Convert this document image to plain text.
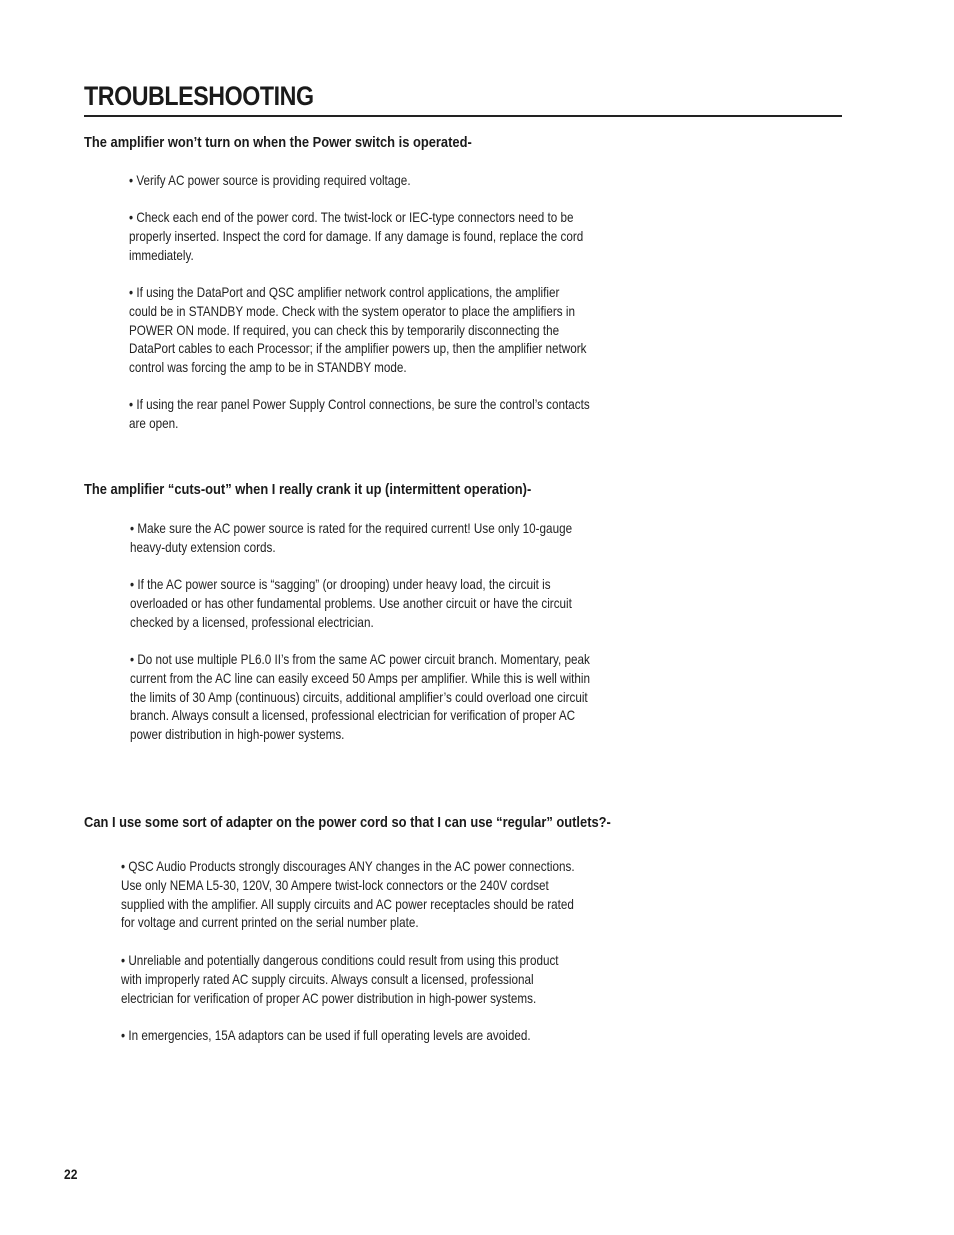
TROUBLESHOOTING
The amplifier won’t turn on when the Power switch is operated-

• Verify AC power source is providing required voltage.

• Check each end of the power cord. The twist-lock or IEC-type connectors need to be
properly inserted. Inspect the cord for damage. If any damage is found, replace the cord
immediately.

• If using the DataPort and QSC amplifier network control applications, the amplifier
could be in STANDBY mode. Check with the system operator to place the amplifiers in
POWER ON mode. If required, you can check this by temporarily disconnecting the
DataPort cables to each Processor; if the amplifier powers up, then the amplifier network
control was forcing the amp to be in STANDBY mode.

• If using the rear panel Power Supply Control connections, be sure the control’s contacts
are open.

The amplifier “cuts-out” when I really crank it up (intermittent operation)-

• Make sure the AC power source is rated for the required current! Use only 10-gauge
heavy-duty extension cords.

• If the AC power source is “sagging” (or drooping) under heavy load, the circuit is
overloaded or has other fundamental problems. Use another circuit or have the circuit
checked by a licensed, professional electrician.

• Do not use multiple PL6.0 II’s from the same AC power circuit branch. Momentary, peak
current from the AC line can easily exceed 50 Amps per amplifier. While this is well within
the limits of 30 Amp (continuous) circuits, additional amplifier’s could overload one circuit
branch. Always consult a licensed, professional electrician for verification of proper AC
power distribution in high-power systems.

Can I use some sort of adapter on the power cord so that I can use “regular” outlets?-

• QSC Audio Products strongly discourages ANY changes in the AC power connections.
Use only NEMA L5-30, 120V, 30 Ampere twist-lock connectors or the 240V cordset
supplied with the amplifier. All supply circuits and AC power receptacles should be rated
for voltage and current printed on the serial number plate.

• Unreliable and potentially dangerous conditions could result from using this product
with improperly rated AC supply circuits. Always consult a licensed, professional
electrician for verification of proper AC power distribution in high-power systems.

• In emergencies, 15A adaptors can be used if full operating levels are avoided.

22
